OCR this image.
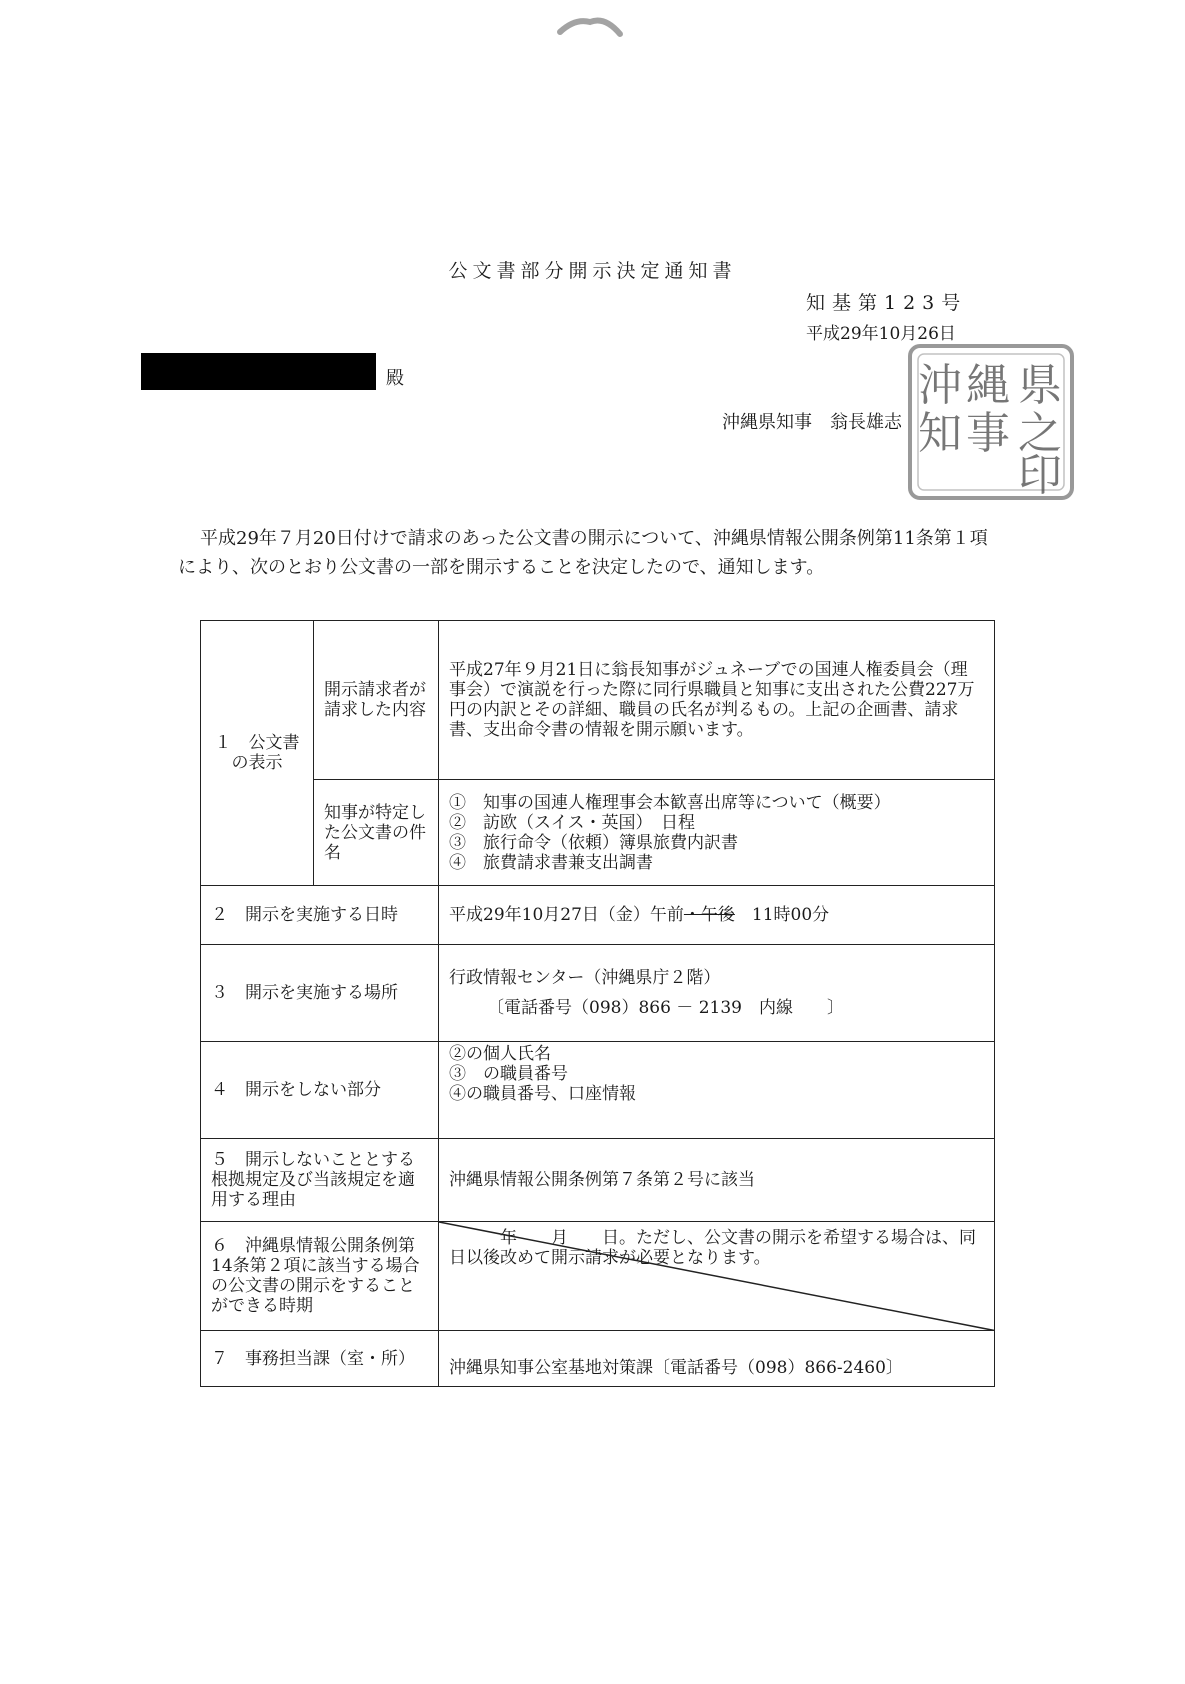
公文書部分開示決定通知書
知基第123号
平成29年10月26日
殿
沖縄県知事　翁長雄志
県
之
印
縄
事
沖
知

平成29年７月20日付けで請求のあった公文書の開示について、沖縄県情報公開条例第11条第１項により、次のとおり公文書の一部を開示することを決定したので、通知します。

１　公文書の表示	開示請求者が請求した内容	平成27年９月21日に翁長知事がジュネーブでの国連人権委員会（理事会）で演説を行った際に同行県職員と知事に支出された公費227万円の内訳とその詳細、職員の氏名が判るもの。上記の企画書、請求書、支出命令書の情報を開示願います。
	知事が特定した公文書の件名	①　知事の国連人権理事会本歓喜出席等について（概要）
②　訪欧（スイス・英国）　日程
③　旅行命令（依頼）簿県旅費内訳書
④　旅費請求書兼支出調書

２　開示を実施する日時		平成29年10月27日（金）午前・午後　11時00分
３　開示を実施する場所		行政情報センター（沖縄県庁２階）
〔電話番号（098）866 － 2139　内線　　〕

４　開示をしない部分		②の個人氏名
③　の職員番号
④の職員番号、口座情報

５　開示しないこととする根拠規定及び当該規定を適用する理由		沖縄県情報公開条例第７条第２号に該当
６　沖縄県情報公開条例第14条第２項に該当する場合の公文書の開示をすることができる時期		　　　年　　月　　日。ただし、公文書の開示を希望する場合は、同日以後改めて開示請求が必要となります。
７　事務担当課（室・所）		沖縄県知事公室基地対策課〔電話番号（098）866-2460〕
